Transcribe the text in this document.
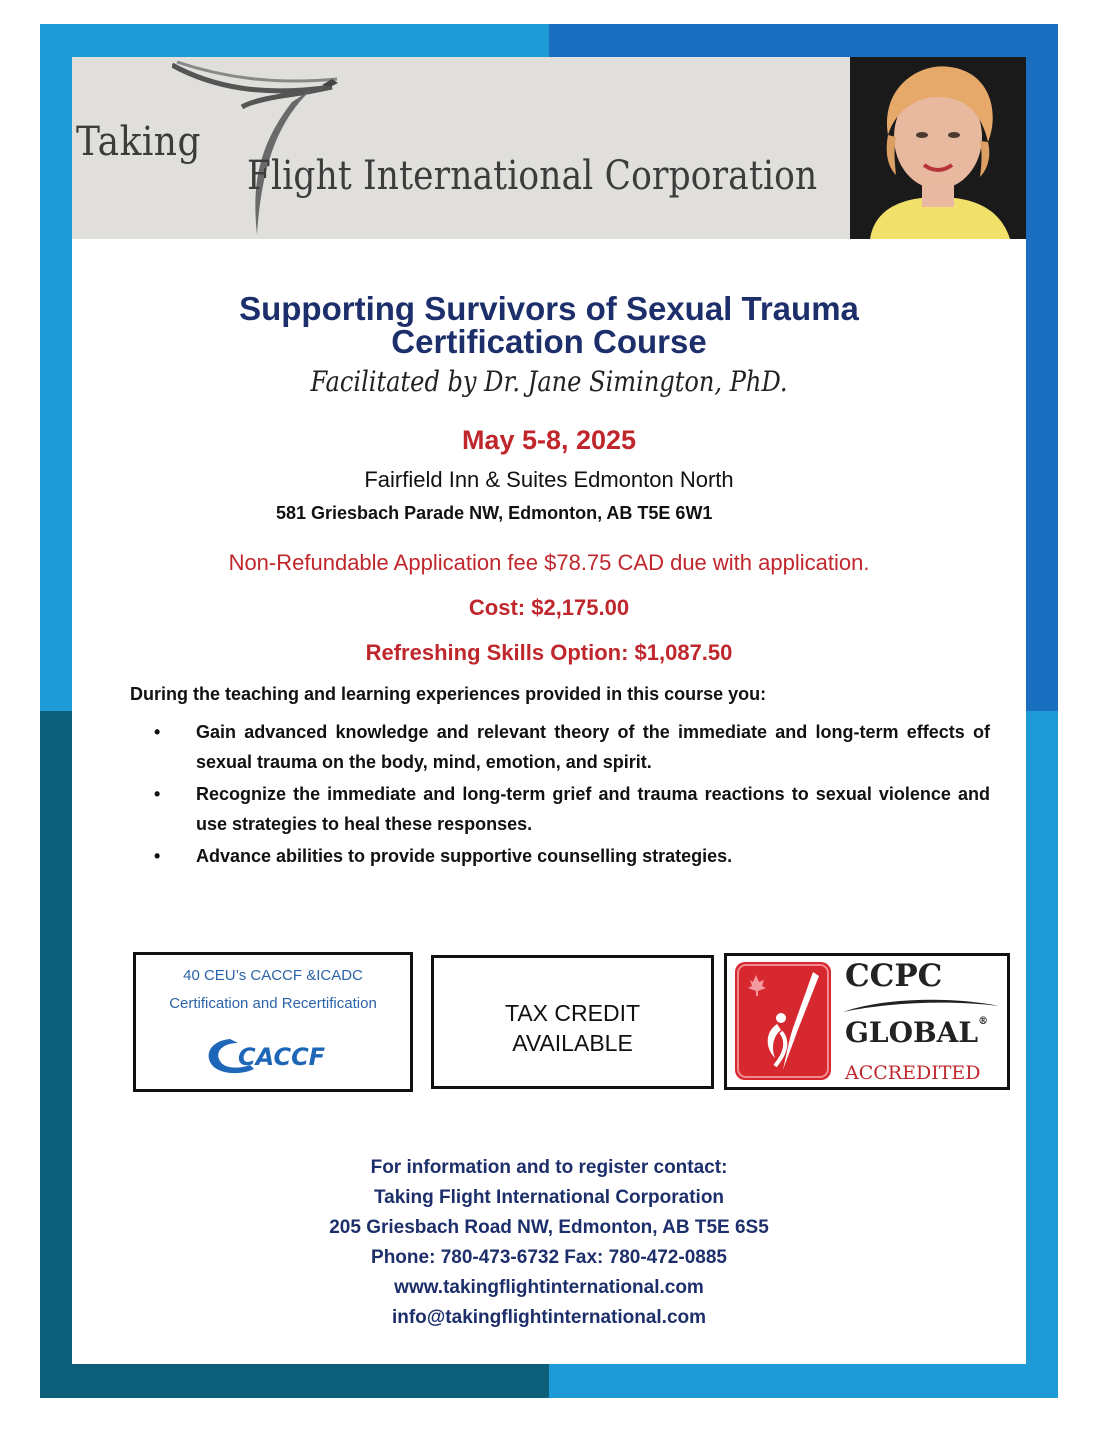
Taking
Flight International Corporation
Supporting Survivors of Sexual Trauma
Certification Course
Facilitated by Dr. Jane Simington, PhD.
May 5-8, 2025
Fairfield Inn & Suites Edmonton North
581 Griesbach Parade NW, Edmonton, AB T5E 6W1
Non-Refundable Application fee $78.75 CAD due with application.
Cost: $2,175.00
Refreshing Skills Option: $1,087.50
During the teaching and learning experiences provided in this course you:
• Gain advanced knowledge and relevant theory of the immediate and long-term effects of sexual trauma on the body, mind, emotion, and spirit.
• Recognize the immediate and long-term grief and trauma reactions to sexual violence and use strategies to heal these responses.
• Advance abilities to provide supportive counselling strategies.
40 CEU’s CACCF &ICADC
Certification and Recertification
CACCF
TAX CREDIT
AVAILABLE
CCPC
GLOBAL®
ACCREDITED
For information and to register contact:
Taking Flight International Corporation
205 Griesbach Road NW, Edmonton, AB T5E 6S5
Phone: 780-473-6732 Fax: 780-472-0885
www.takingflightinternational.com
info@takingflightinternational.com
